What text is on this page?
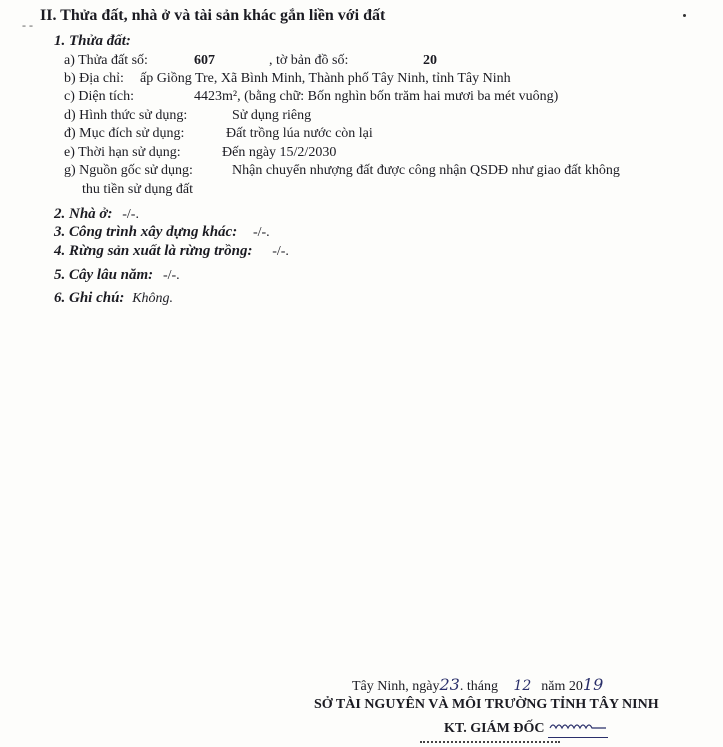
- -
II. Thửa đất, nhà ở và tài sản khác gắn liền với đất
1. Thửa đất:
a) Thửa đất số:	607	, tờ bản đồ số:	20
b) Địa chỉ: ấp Giồng Tre, Xã Bình Minh, Thành phố Tây Ninh, tỉnh Tây Ninh
c) Diện tích:	4423m², (bằng chữ: Bốn nghìn bốn trăm hai mươi ba mét vuông)
d) Hình thức sử dụng:	Sử dụng riêng
đ) Mục đích sử dụng:	Đất trồng lúa nước còn lại
e) Thời hạn sử dụng:	Đến ngày 15/2/2030
g) Nguồn gốc sử dụng:	Nhận chuyển nhượng đất được công nhận QSDĐ như giao đất không
thu tiền sử dụng đất
2. Nhà ở: -/-.
3. Công trình xây dựng khác: -/-.
4. Rừng sản xuất là rừng trồng: -/-.
5. Cây lâu năm: -/-.
6. Ghi chú: Không.
Tây Ninh, ngày23. tháng 12 năm 2019
SỞ TÀI NGUYÊN VÀ MÔI TRƯỜNG TỈNH TÂY NINH
KT. GIÁM ĐỐC
